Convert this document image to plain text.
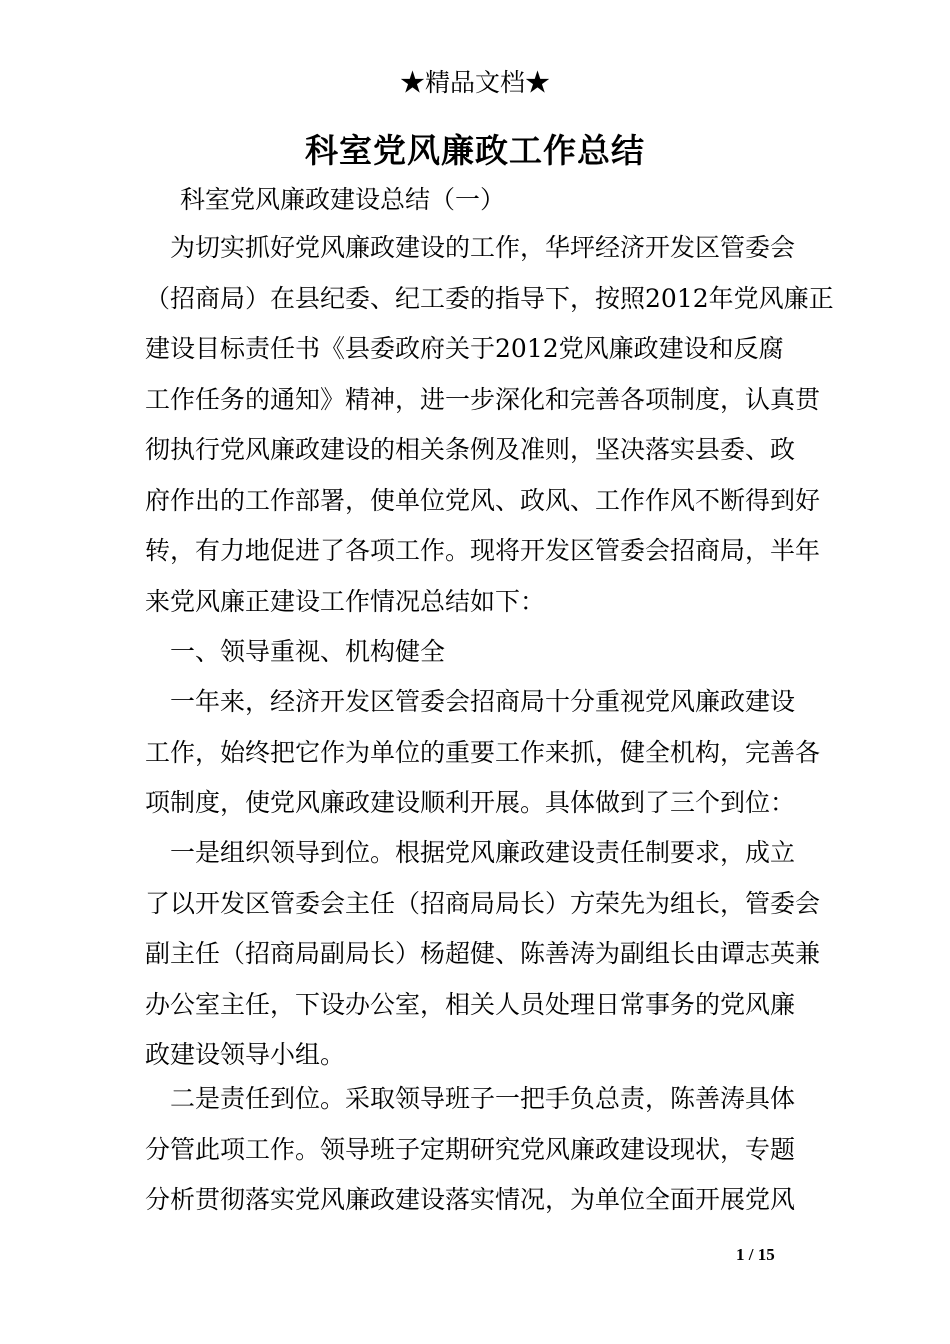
★精品文档★
科室党风廉政工作总结
科室党风廉政建设总结（一）
为切实抓好党风廉政建设的工作，华坪经济开发区管委会
（招商局）在县纪委、纪工委的指导下，按照2012年党风廉正
建设目标责任书《县委政府关于2012党风廉政建设和反腐
工作任务的通知》精神，进一步深化和完善各项制度，认真贯
彻执行党风廉政建设的相关条例及准则，坚决落实县委、政
府作出的工作部署，使单位党风、政风、工作作风不断得到好
转，有力地促进了各项工作。现将开发区管委会招商局，半年
来党风廉正建设工作情况总结如下：
一、领导重视、机构健全
一年来，经济开发区管委会招商局十分重视党风廉政建设
工作，始终把它作为单位的重要工作来抓，健全机构，完善各
项制度，使党风廉政建设顺利开展。具体做到了三个到位：
一是组织领导到位。根据党风廉政建设责任制要求，成立
了以开发区管委会主任（招商局局长）方荣先为组长，管委会
副主任（招商局副局长）杨超健、陈善涛为副组长由谭志英兼
办公室主任，下设办公室，相关人员处理日常事务的党风廉
政建设领导小组。
二是责任到位。采取领导班子一把手负总责，陈善涛具体
分管此项工作。领导班子定期研究党风廉政建设现状，专题
分析贯彻落实党风廉政建设落实情况，为单位全面开展党风
1 / 15
